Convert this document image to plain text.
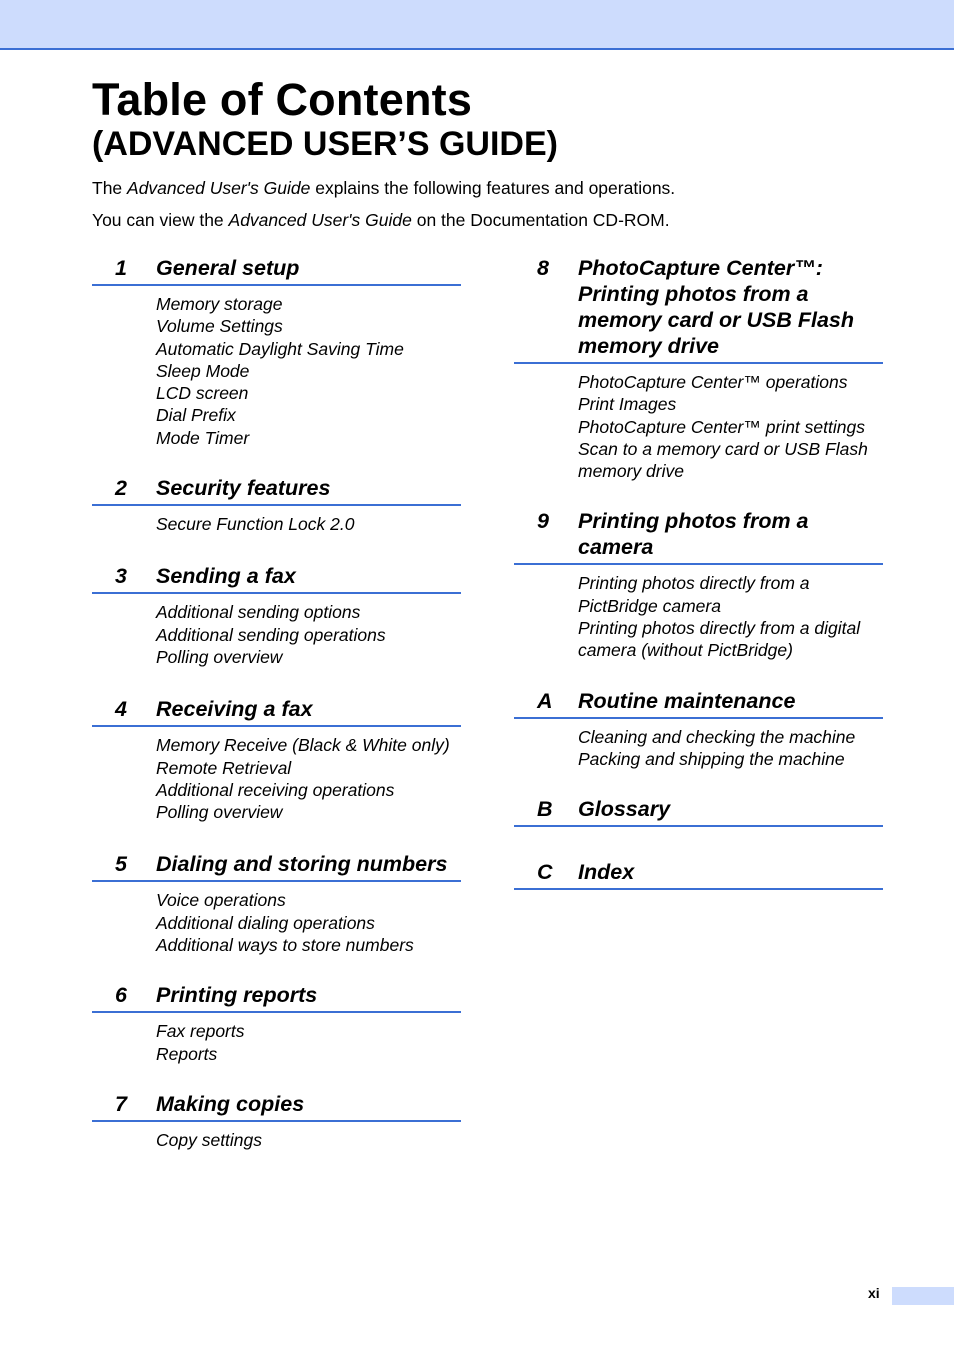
Table of Contents
(ADVANCED USER’S GUIDE)

The Advanced User's Guide explains the following features and operations.

You can view the Advanced User's Guide on the Documentation CD-ROM.

1	General setup
Memory storage
Volume Settings
Automatic Daylight Saving Time
Sleep Mode
LCD screen
Dial Prefix
Mode Timer
2	Security features
Secure Function Lock 2.0
3	Sending a fax
Additional sending options
Additional sending operations
Polling overview
4	Receiving a fax
Memory Receive (Black & White only)
Remote Retrieval
Additional receiving operations
Polling overview
5	Dialing and storing numbers
Voice operations
Additional dialing operations
Additional ways to store numbers
6	Printing reports
Fax reports
Reports
7	Making copies
Copy settings
8	PhotoCapture Center™:
Printing photos from a
memory card or USB Flash
memory drive
PhotoCapture Center™ operations
Print Images
PhotoCapture Center™ print settings
Scan to a memory card or USB Flash
memory drive
9	Printing photos from a
camera
Printing photos directly from a
PictBridge camera
Printing photos directly from a digital
camera (without PictBridge)
A	Routine maintenance
Cleaning and checking the machine
Packing and shipping the machine
B	Glossary
C	Index
xi
